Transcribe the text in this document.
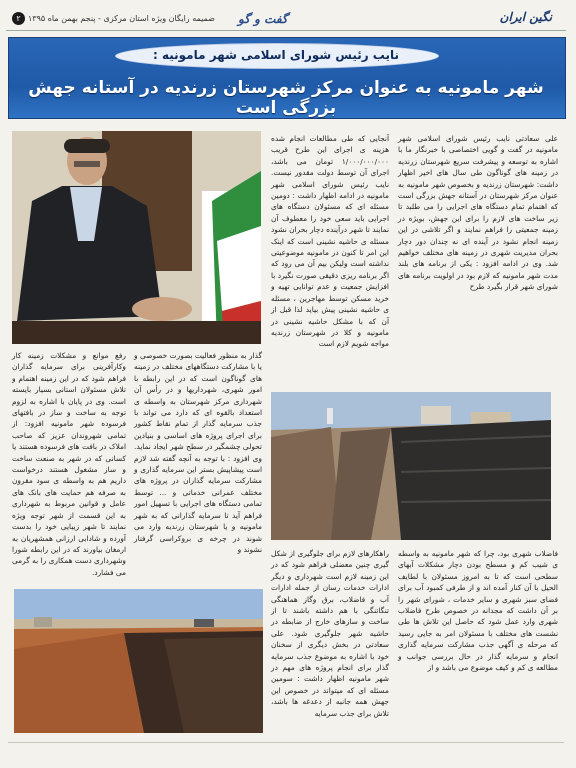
۲ ضمیمه رایگان ویژه استان مرکزی - پنجم بهمن ماه ۱۳۹۵ گفت و گو	نگین ایران
نایب رئیس شورای اسلامی شهر مامونیه :
شهر مامونیه به عنوان مرکز شهرستان زرندیه در آستانه جهش بزرگی است

علی سعادتی نایب رئیس شورای اسلامی شهر مامونیه در گفت و گویی اختصاصی با خبرنگار ما با اشاره به توسعه و پیشرفت سریع شهرستان زرندیه در زمینه های گوناگون طی سال های اخیر اظهار داشت: شهرستان زرندیه و بخصوص شهر مامونیه به عنوان مرکز شهرستان در آستانه جهش بزرگی است که اهتمام تمام دستگاه های اجرایی را می طلبد تا زیر ساخت های لازم را برای این جهش، بویژه در زمینه جمعیتی را فراهم نمایند و اگر تلاشی در این زمینه انجام نشود در آینده ای نه چندان دور دچار بحران مدیریت شهری در زمینه های مختلف خواهیم شد. وی در ادامه افزود : یکی از برنامه های بلند مدت شهر مامونیه که لازم بود در اولویت برنامه های شورای شهر قرار بگیرد طرح

آنجایی که طی مطالعات انجام شده هزینه ی اجرای این طرح قریب ۱/۰۰۰/۰۰۰/۰۰۰ تومان می باشد، اجرای آن توسط دولت مقدور نیست. نایب رئیس شورای اسلامی شهر مامونیه در ادامه اظهار داشت : دومین مسئله ای که مسئولان دستگاه های اجرایی باید سعی خود را معطوف آن نمایند تا شهر درآینده دچار بحران نشود مسئله ی حاشیه نشینی است که اینک این امر تا کنون در مامونیه موضوعیتی نداشته است ولیکن بیم آن می رود که اگر برنامه ریزی دقیقی صورت نگیرد با افزایش جمعیت و عدم توانایی تهیه و خرید مسکن توسط مهاجرین ، مسئله ی حاشیه نشینی پیش بیاید لذا قبل از آن که با مشکل حاشیه نشینی در مامونیه و کلا در شهرستان زرندیه مواجه شویم لازم است

رفع موانع و مشکلات زمینه کار وکارآفرینی برای سرمایه گذاران فراهم شود که در این زمینه اهتمام و تلاش مسئولان استانی بسیار بایسته است. وی در پایان با اشاره به لزوم توجه به ساخت و ساز در بافتهای فرسوده شهر مامونیه افزود: از تمامی شهروندان عزیز که صاحب املاک در بافت های فرسوده هستند یا کسانی که در شهر به صنعت ساخت و ساز مشغول هستند درخواست داریم هم به واسطه ی سود مقرون به صرفه هم حمایت های بانک های عامل و قوانین مربوط به شهرداری به این قسمت از شهر توجه ویژه نمایند تا شهر زیبایی خود را بدست آورده و شادابی ارزانی همشهریان به ارمغان بیاورند که در این رابطه شورا وشهرداری دست همکاری را به گرمی می فشارد.

گذار به منظور فعالیت بصورت خصوصی و یا با مشارکت دستگاههای مختلف در زمینه های گوناگون است که در این رابطه با امور شهری، شهرداریها و در رأس آن شهرداری مرکز شهرستان به واسطه ی استعداد بالقوه ای که دارد می تواند با جذب سرمایه گذار از تمام نقاط کشور برای اجرای پروژه های اساسی و بنیادین تحولی چشمگیر در سطح شهر ایجاد نماید. وی افزود : با توجه به آنچه گفته شد لازم است پیشاپیش بستر این سرمایه گذاری و مشارکت سرمایه گذاران در پروژه های مختلف عمرانی خدماتی و ... توسط تمامی دستگاه های اجرایی با تسهیل امور فراهم آید تا سرمایه گذارانی که به شهر مامونیه و یا شهرستان زرندیه وارد می شوند در چرخه ی بروکراسی گرفتار نشوند و	فاضلاب شهری بود، چرا که شهر مامونیه به واسطه ی شیب کم و مسطح بودن دچار مشکلات آبهای سطحی است که تا به امروز مسئولان با لطایف الحیل با آن کنار آمده اند و از طرفی کمبود آب برای فضای سبز شهری و سایر خدمات ، شورای شهر را بر آن داشت که مجدانه در خصوص طرح فاضلاب شهری وارد عمل شود که حاصل این تلاش ها طی نشست های مختلف با مسئولان امر به جایی رسید که مرحله ی آگهی جذب مشارکت سرمایه گذاری انجام و سرمایه گذار در حال بررسی جوانب و مطالعه ی کم و کیف موضوع می باشد و از

راهکارهای لازم برای جلوگیری از شکل گیری چنین معضلی فراهم شود که در این زمینه لازم است شهرداری و دیگر ادارات خدمات رسان از جمله ادارات آب و فاضلاب، برق وگاز هماهنگی تنگاتنگی با هم داشته باشند تا از ساخت و سازهای خارج از ضابطه در حاشیه شهر جلوگیری شود. علی سعادتی در بخش دیگری از سخنان خود با اشاره به موضوع جذب سرمایه گذار برای انجام پروژه های مهم در شهر مامونیه اظهار داشت : سومین مسئله ای که میتواند در خصوص این جهش همه جانبه از دعدغه ها باشد، تلاش برای جذب سرمایه
